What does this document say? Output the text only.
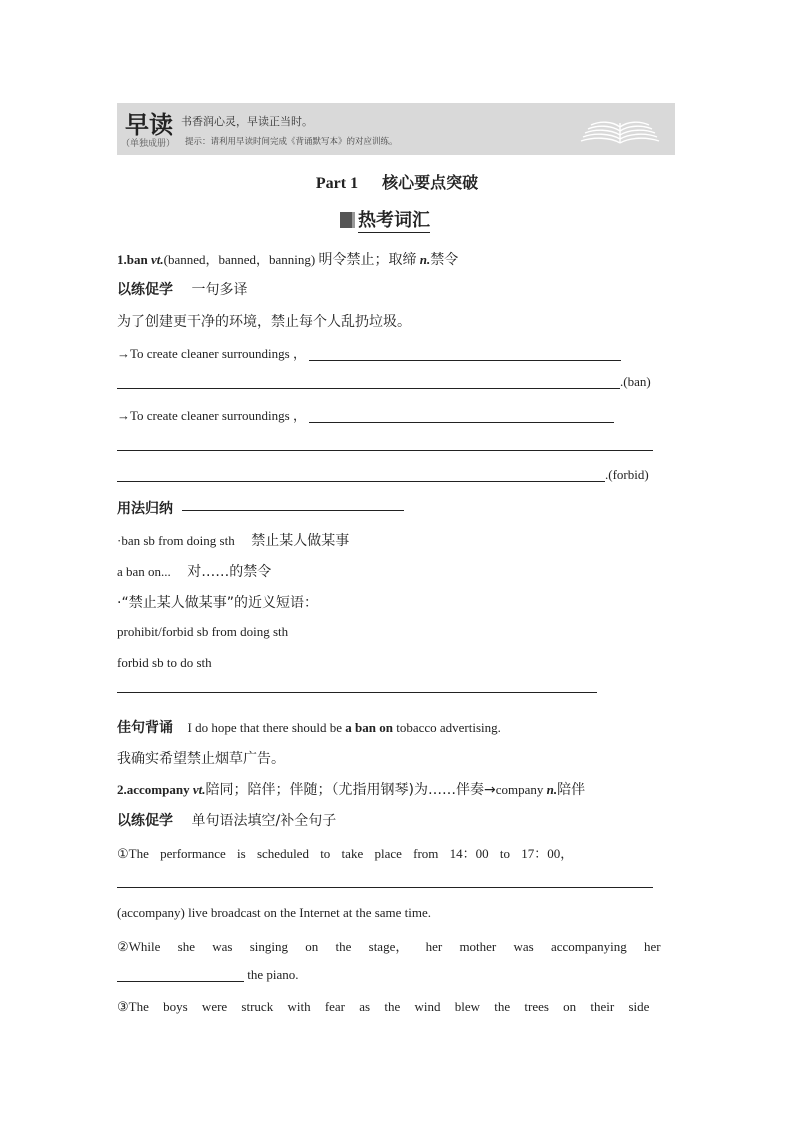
早读
（单独成册）
书香润心灵，早读正当时。
提示：请利用早读时间完成《背诵默写本》的对应训练。
Part 1 核心要点突破
热考词汇
1.ban vt.(banned，banned，banning) 明令禁止；取缔 n.禁令
以练促学 一句多译
为了创建更干净的环境，禁止每个人乱扔垃圾。
→To create cleaner surroundings ，
.(ban)
→To create cleaner surroundings ，
.(forbid)
用法归纳
·ban sb from doing sth 禁止某人做某事
a ban on... 对……的禁令
·“禁止某人做某事”的近义短语：
prohibit/forbid sb from doing sth
forbid sb to do sth
佳句背诵 I do hope that there should be a ban on tobacco advertising.
我确实希望禁止烟草广告。
2.accompany vt.陪同；陪伴；伴随；（尤指用钢琴)为……伴奏→company n.陪伴
以练促学 单句语法填空/补全句子
①The performance is scheduled to take place from 14：00 to 17：00，
(accompany) live broadcast on the Internet at the same time.
②While she was singing on the stage， her mother was accompanying her
the piano.
③The boys were struck with fear as the wind blew the trees on their side
